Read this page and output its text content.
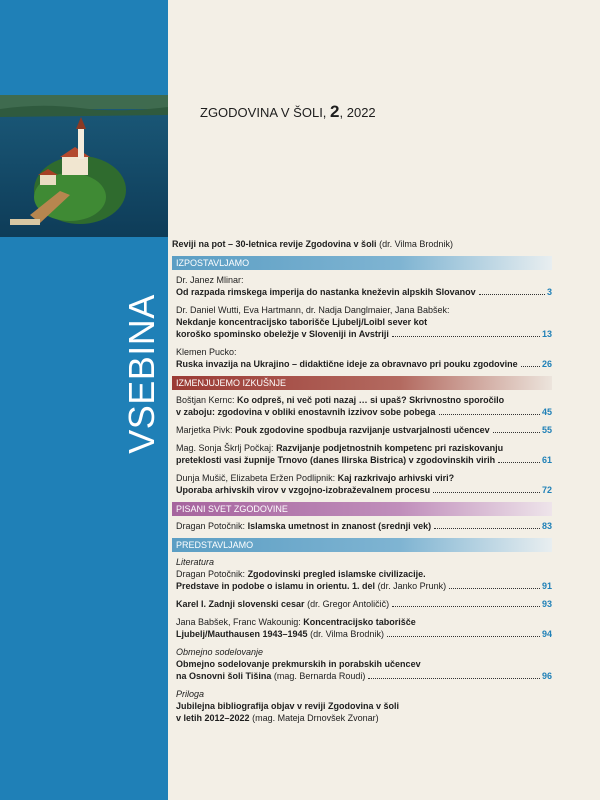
VSEBINA
ZGODOVINA V ŠOLI, 2, 2022
Reviji na pot – 30-letnica revije Zgodovina v šoli (dr. Vilma Brodnik)
IZPOSTAVLJAMO
Dr. Janez Mlinar:
Od razpada rimskega imperija do nastanka kneževin alpskih Slovanov	3
Dr. Daniel Wutti, Eva Hartmann, dr. Nadja Danglmaier, Jana Babšek:
Nekdanje koncentracijsko taborišče Ljubelj/Loibl sever kot
koroško spominsko obeležje v Sloveniji in Avstriji	13
Klemen Pucko:
Ruska invazija na Ukrajino – didaktične ideje za obravnavo pri pouku zgodovine	26
IZMENJUJEMO IZKUŠNJE
Boštjan Kernc: Ko odpreš, ni več poti nazaj … si upaš? Skrivnostno sporočilo
v zaboju: zgodovina v obliki enostavnih izzivov sobe pobega	45
Marjetka Pivk:
Pouk zgodovine spodbuja razvijanje ustvarjalnosti učencev	55
Mag. Sonja Škrlj Počkaj: Razvijanje podjetnostnih kompetenc pri raziskovanju
preteklosti vasi župnije Trnovo (danes Ilirska Bistrica) v zgodovinskih virih	61
Dunja Mušič, Elizabeta Eržen Podlipnik: Kaj razkrivajo arhivski viri?
Uporaba arhivskih virov v vzgojno-izobraževalnem procesu	72
PISANI SVET ZGODOVINE
Dragan Potočnik:
Islamska umetnost in znanost (srednji vek)	83
PREDSTAVLJAMO
Literatura
Dragan Potočnik: Zgodovinski pregled islamske civilizacije.
Predstave in podobe o islamu in orientu. 1. del
(dr. Janko Prunk)	91
Karel I. Zadnji slovenski cesar
(dr. Gregor Antoličič)	93
Jana Babšek, Franc Wakounig: Koncentracijsko taborišče
Ljubelj/Mauthausen 1943–1945
(dr. Vilma Brodnik)	94
Obmejno sodelovanje
Obmejno sodelovanje prekmurskih in porabskih učencev
na Osnovni šoli Tišina
(mag. Bernarda Roudi)	96
Priloga
Jubilejna bibliografija objav v reviji Zgodovina v šoli
v letih 2012–2022 (mag. Mateja Drnovšek Zvonar)
